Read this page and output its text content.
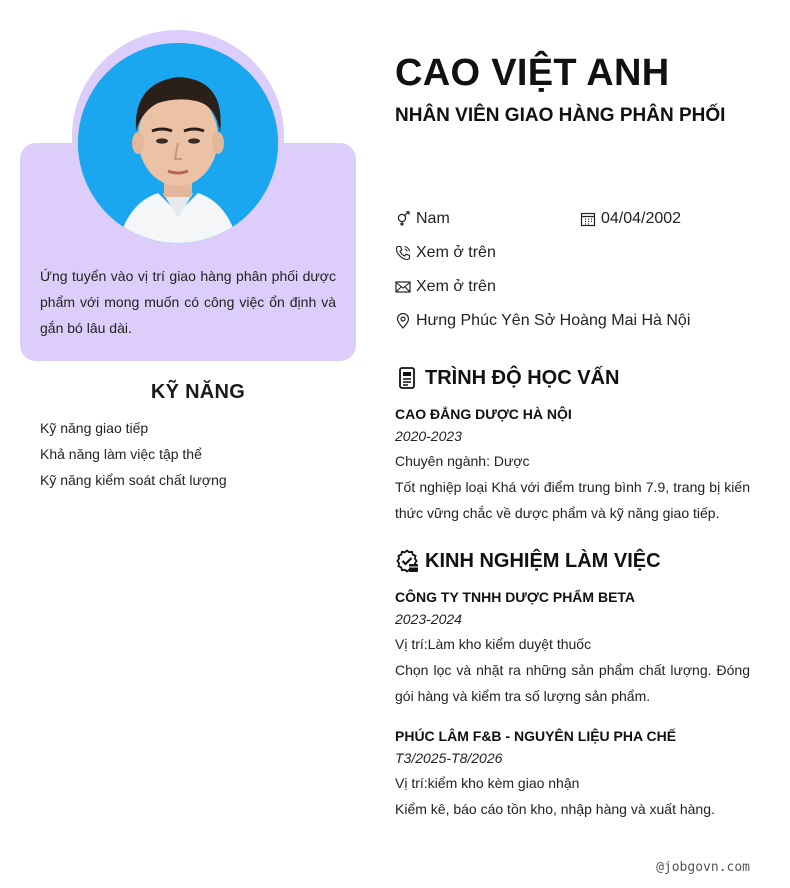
Ứng tuyển vào vị trí giao hàng phân phối dược phẩm với mong muốn có công việc ổn định và gắn bó lâu dài.

KỸ NĂNG
Kỹ năng giao tiếp
Khả năng làm việc tập thể
Kỹ năng kiểm soát chất lượng
CAO VIỆT ANH
NHÂN VIÊN GIAO HÀNG PHÂN PHỐI
Nam	04/04/2002
Xem ở trên
Xem ở trên
Hưng Phúc Yên Sở Hoàng Mai Hà Nội
TRÌNH ĐỘ HỌC VẤN
CAO ĐẲNG DƯỢC HÀ NỘI
2020-2023
Chuyên ngành: Dược
Tốt nghiệp loại Khá với điểm trung bình 7.9, trang bị kiến thức vững chắc về dược phẩm và kỹ năng giao tiếp.
KINH NGHIỆM LÀM VIỆC
CÔNG TY TNHH DƯỢC PHẨM BETA
2023-2024
Vị trí:Làm kho kiểm duyệt thuốc
Chọn lọc và nhặt ra những sản phẩm chất lượng. Đóng gói hàng và kiểm tra số lượng sản phẩm.
PHÚC LÂM F&B - NGUYÊN LIỆU PHA CHẾ
T3/2025-T8/2026
Vị trí:kiểm kho kèm giao nhận
Kiểm kê, báo cáo tồn kho, nhập hàng và xuất hàng.
@jobgovn.com
